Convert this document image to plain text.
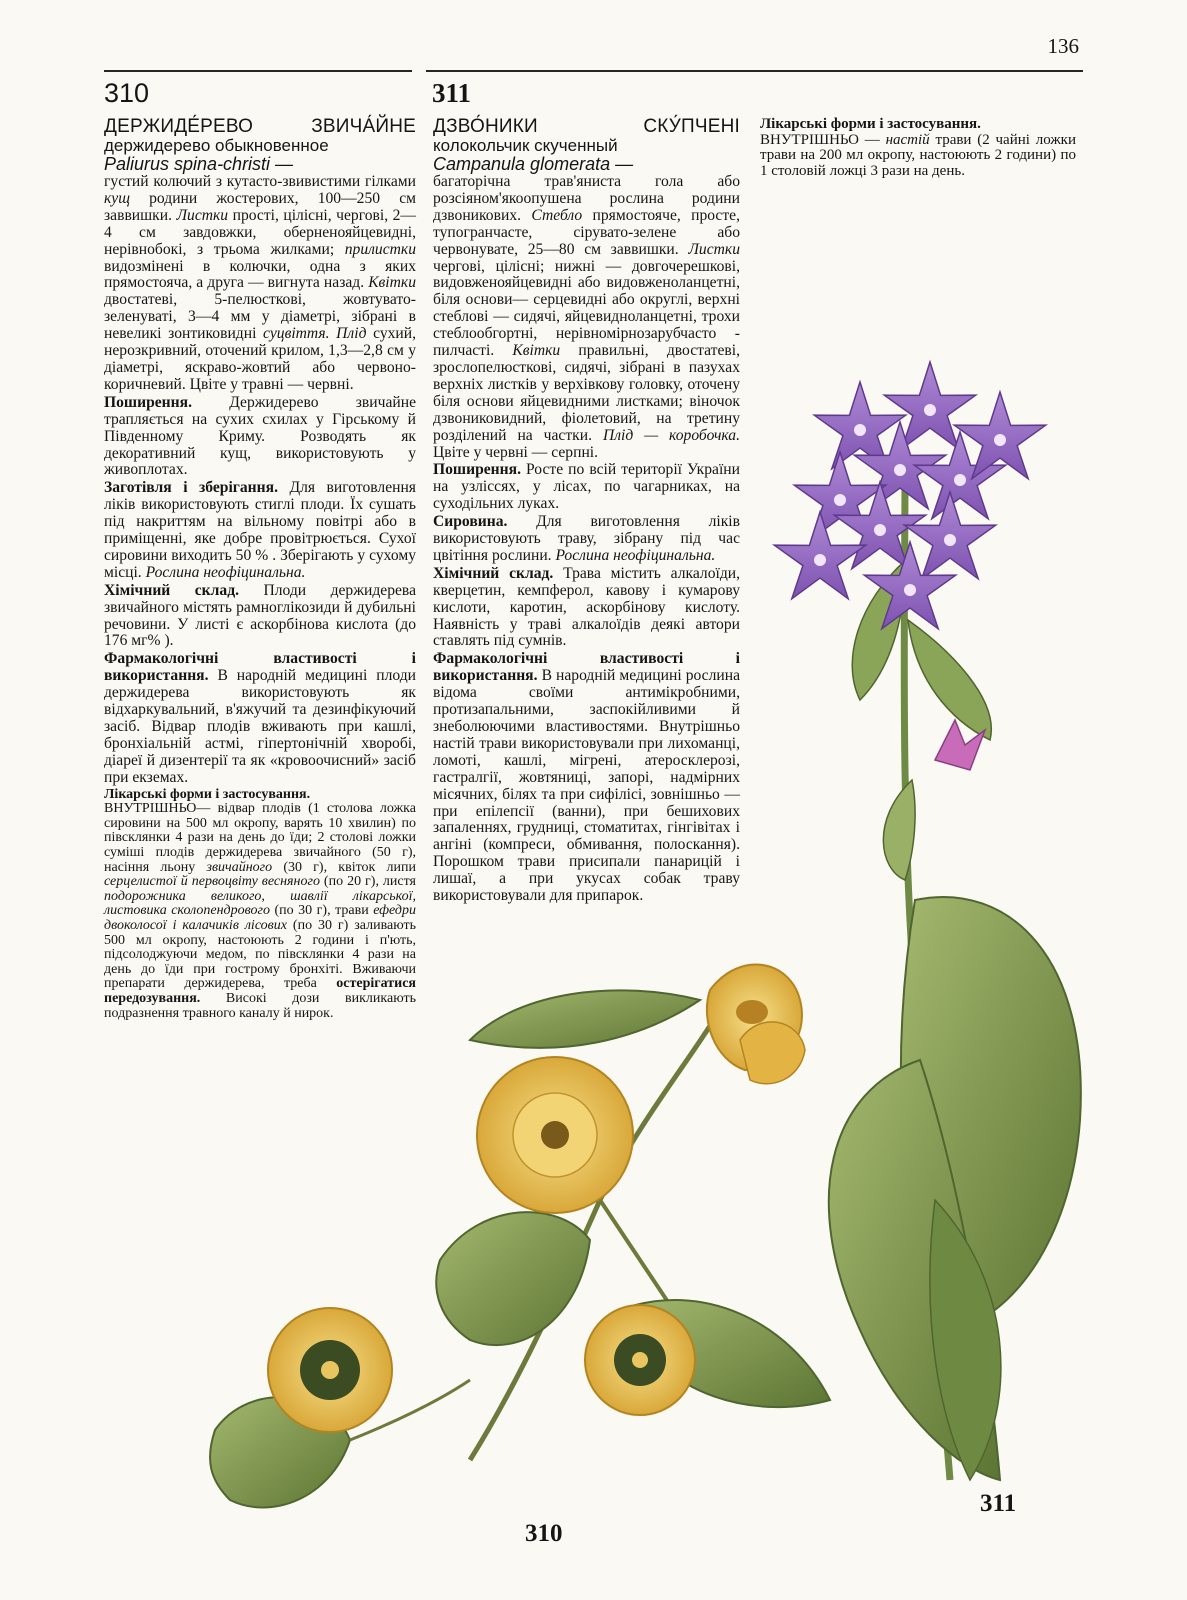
136
310	311
ДЕРЖИДЕ́РЕВО ЗВИЧА́ЙНЕ
держидерево обыкновенное
Paliurus spina-christi —

густий колючий з кутасто-звивистими гілками кущ родини жостерових, 100—250 см заввишки. Листки прості, цілісні, чергові, 2—4 см завдовжки, оберненояйцевидні, нерівнобокі, з трьома жилками; прилистки видозмінені в колючки, одна з яких прямостояча, а друга — вигнута назад. Квітки двостатеві, 5-пелюсткові, жовтувато-зеленуваті, 3—4 мм у діаметрі, зібрані в невеликі зонтиковидні суцвіття. Плід сухий, нерозкривний, оточений крилом, 1,3—2,8 см у діаметрі, яскраво-жовтий або червоно-коричневий. Цвіте у травні — червні.

Поширення. Держидерево звичайне трапляється на сухих схилах у Гірському й Південному Криму. Розводять як декоративний кущ, використовують у живоплотах.

Заготівля і зберігання. Для виготовлення ліків використовують стиглі плоди. Їх сушать під накриттям на вільному повітрі або в приміщенні, яке добре провітрюється. Сухої сировини виходить 50 % . Зберігають у сухому місці. Рослина неофіцинальна.

Хімічний склад. Плоди держидерева звичайного містять рамноглікозиди й дубильні речовини. У листі є аскорбінова кислота (до 176 мг% ).

Фармакологічні властивості і використання. В народній медицині плоди держидерева використовують як відхаркувальний, в'яжучий та дезинфікуючий засіб. Відвар плодів вживають при кашлі, бронхіальній астмі, гіпертонічній хворобі, діареї й дизентерії та як «кровоочисний» засіб при екземах.

Лікарські форми і застосування.
ВНУТРІШНЬО— відвар плодів (1 столова ложка сировини на 500 мл окропу, варять 10 хвилин) по півсклянки 4 рази на день до їди; 2 столові ложки суміші плодів держидерева звичайного (50 г), насіння льону звичайного (30 г), квіток липи серцелистої й первоцвіту весняного (по 20 г), листя подорожника великого, шавлії лікарської, листовика сколопендрового (по 30 г), трави ефедри двоколосої і калачиків лісових (по 30 г) заливають 500 мл окропу, настоюють 2 години і п'ють, підсолоджуючи медом, по півсклянки 4 рази на день до їди при гострому бронхіті. Вживаючи препарати держидерева, треба остерігатися передозування. Високі дози викликають подразнення травного каналу й нирок.
ДЗВО́НИКИ СКУ́ПЧЕНІ
колокольчик скученный
Campanula glomerata —

багаторічна трав'яниста гола або розсіяном'якоопушена рослина родини дзвоникових. Стебло прямостояче, просте, тупогранчасте, сірувато-зелене або червонувате, 25—80 см заввишки. Листки чергові, цілісні; нижні — довгочерешкові, видовженояйцевидні або видовженоланцетні, біля основи— серцевидні або округлі, верхні стеблові — сидячі, яйцевидноланцетні, трохи стеблообгортні, нерівномірнозарубчасто - пилчасті. Квітки правильні, двостатеві, зрослопелюсткові, сидячі, зібрані в пазухах верхніх листків у верхівкову головку, оточену біля основи яйцевидними листками; віночок дзвониковидний, фіолетовий, на третину розділений на частки. Плід — коробочка. Цвіте у червні — серпні.

Поширення. Росте по всій території України на узліссях, у лісах, по чагарниках, на суходільних луках.

Сировина. Для виготовлення ліків використовують траву, зібрану під час цвітіння рослини. Рослина неофіцинальна.

Хімічний склад. Трава містить алкалоїди, кверцетин, кемпферол, кавову і кумарову кислоти, каротин, аскорбінову кислоту. Наявність у траві алкалоїдів деякі автори ставлять під сумнів.

Фармакологічні властивості і використання. В народній медицині рослина відома своїми антимікробними, протизапальними, заспокійливими й знеболюючими властивостями. Внутрішньо настій трави використовували при лихоманці, ломоті, кашлі, мігрені, атеросклерозі, гастралгії, жовтяниці, запорі, надмірних місячних, білях та при сифілісі, зовнішньо — при епілепсії (ванни), при бешихових запаленнях, грудниці, стоматитах, гінгівітах і ангіні (компреси, обмивання, полоскання). Порошком трави присипали панарицій і лишаї, а при укусах собак траву використовували для припарок.

Лікарські форми і застосування.
ВНУТРІШНЬО — настій трави (2 чайні ложки трави на 200 мл окропу, настоюють 2 години) по 1 столовій ложці 3 рази на день.
310
311
